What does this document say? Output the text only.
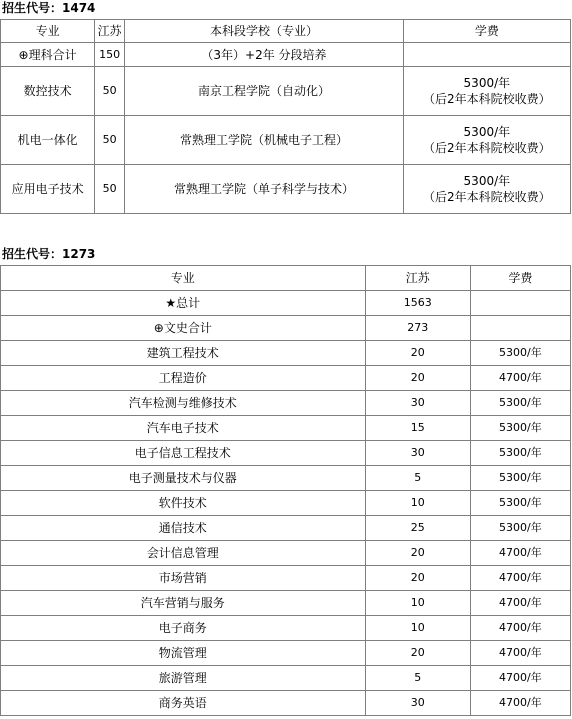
招生代号：1474
专业	江苏	本科段学校（专业）	学费
⊕理科合计	150	（3年）+2年 分段培养	
数控技术	50	南京工程学院（自动化）	5300/年
（后2年本科院校收费）

机电一体化	50	常熟理工学院（机械电子工程）	5300/年
（后2年本科院校收费）

应用电子技术	50	常熟理工学院（单子科学与技术）	5300/年
（后2年本科院校收费）
招生代号：1273
专业	江苏	学费
★总计	1563	
⊕文史合计	273	
建筑工程技术	20	5300/年
工程造价	20	4700/年
汽车检测与维修技术	30	5300/年
汽车电子技术	15	5300/年
电子信息工程技术	30	5300/年
电子测量技术与仪器	5	5300/年
软件技术	10	5300/年
通信技术	25	5300/年
会计信息管理	20	4700/年
市场营销	20	4700/年
汽车营销与服务	10	4700/年
电子商务	10	4700/年
物流管理	20	4700/年
旅游管理	5	4700/年
商务英语	30	4700/年
